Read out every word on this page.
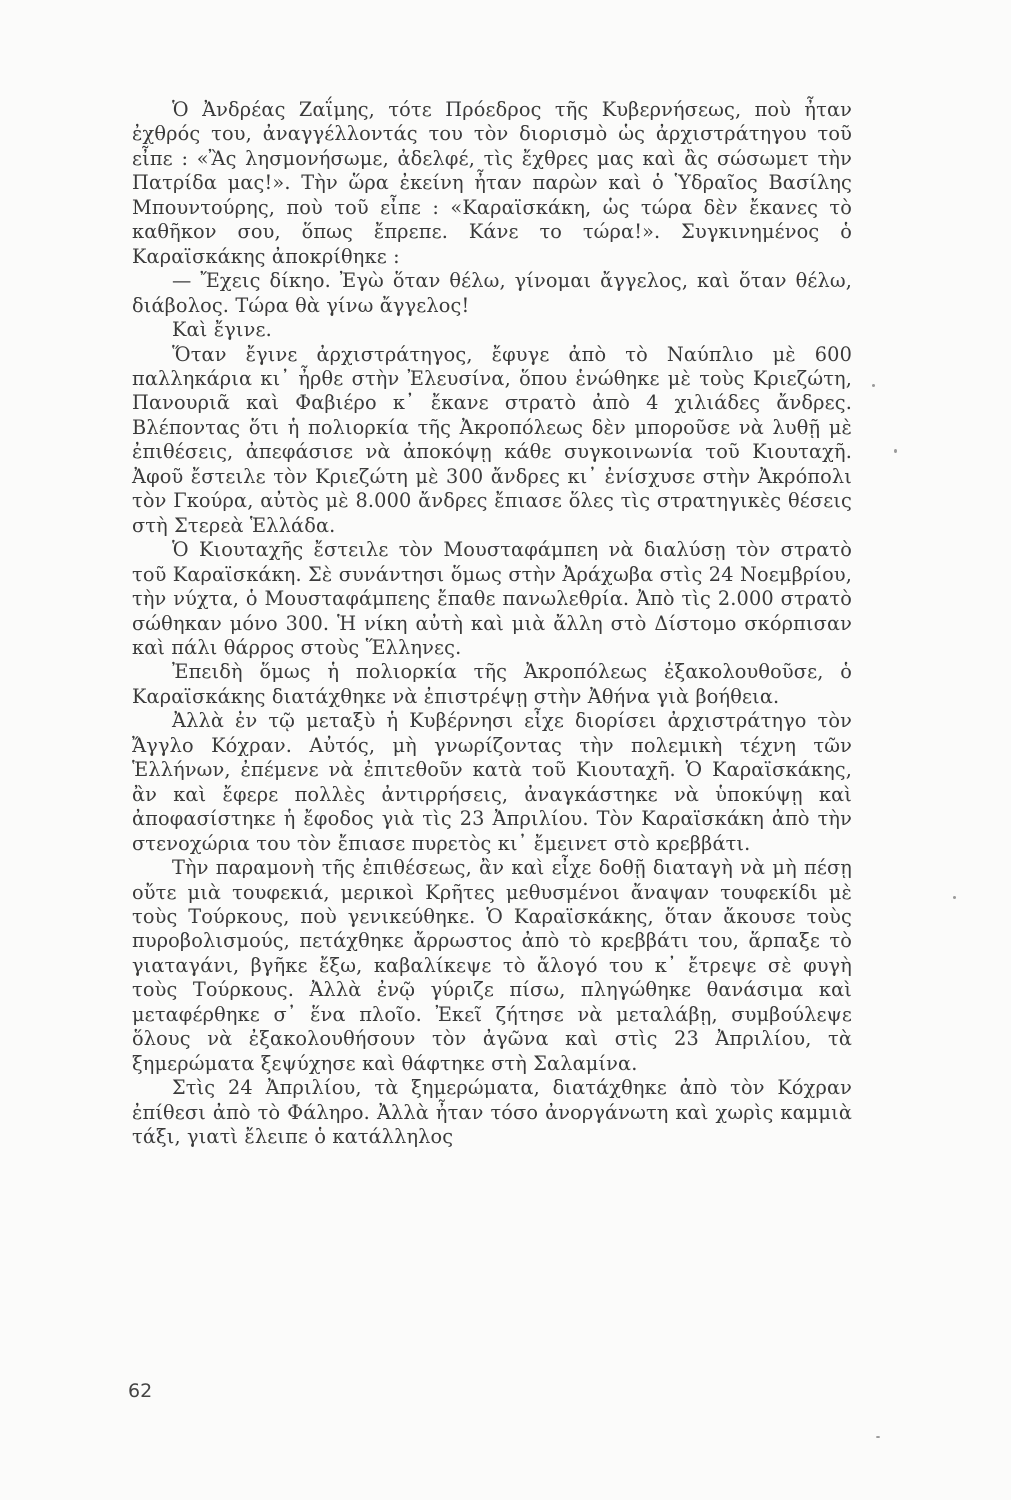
Ὁ Ἀνδρέας Ζαΐμης, τότε Πρόεδρος τῆς Κυβερνήσεως, ποὺ ἦταν ἐχθρός του, ἀναγγέλλοντάς του τὸν διορισμὸ ὡς ἀρχιστράτηγου τοῦ εἶπε : «Ἂς λησμονήσωμε, ἀδελφέ, τὶς ἔχθρες μας καὶ ἂς σώσωμετ τὴν Πατρίδα μας!». Τὴν ὥρα ἐκείνη ἦταν παρὼν καὶ ὁ Ὑδραῖος Βασίλης Μπουντούρης, ποὺ τοῦ εἶπε : «Καραϊσκάκη, ὡς τώρα δὲν ἔκανες τὸ καθῆκον σου, ὅπως ἔπρεπε. Κάνε το τώρα!». Συγκινημένος ὁ Καραϊσκάκης ἀποκρίθηκε :

— Ἔχεις δίκηο. Ἐγὼ ὅταν θέλω, γίνομαι ἄγγελος, καὶ ὅταν θέλω, διάβολος. Τώρα θὰ γίνω ἄγγελος!

Καὶ ἔγινε.

Ὅταν ἔγινε ἀρχιστράτηγος, ἔφυγε ἀπὸ τὸ Ναύπλιο μὲ 600 παλληκάρια κι᾿ ἦρθε στὴν Ἐλευσίνα, ὅπου ἑνώθηκε μὲ τοὺς Κριεζώτη, Πανουριᾶ καὶ Φαβιέρο κ᾿ ἔκανε στρατὸ ἀπὸ 4 χιλιάδες ἄνδρες. Βλέποντας ὅτι ἡ πολιορκία τῆς Ἀκροπόλεως δὲν μποροῦσε νὰ λυθῇ μὲ ἐπιθέσεις, ἀπεφάσισε νὰ ἀποκόψῃ κάθε συγκοινωνία τοῦ Κιουταχῆ. Ἀφοῦ ἔστειλε τὸν Κριεζώτη μὲ 300 ἄνδρες κι᾿ ἐνίσχυσε στὴν Ἀκρόπολι τὸν Γκούρα, αὐτὸς μὲ 8.000 ἄνδρες ἔπιασε ὅλες τὶς στρατηγικὲς θέσεις στὴ Στερεὰ Ἑλλάδα.

Ὁ Κιουταχῆς ἔστειλε τὸν Μουσταφάμπεη νὰ διαλύσῃ τὸν στρατὸ τοῦ Καραϊσκάκη. Σὲ συνάντησι ὅμως στὴν Ἀράχωβα στὶς 24 Νοεμβρίου, τὴν νύχτα, ὁ Μουσταφάμπεης ἔπαθε πανωλεθρία. Ἀπὸ τὶς 2.000 στρατὸ σώθηκαν μόνο 300. Ἡ νίκη αὐτὴ καὶ μιὰ ἄλλη στὸ Δίστομο σκόρπισαν καὶ πάλι θάρρος στοὺς Ἕλληνες.

Ἐπειδὴ ὅμως ἡ πολιορκία τῆς Ἀκροπόλεως ἐξακολουθοῦσε, ὁ Καραϊσκάκης διατάχθηκε νὰ ἐπιστρέψῃ στὴν Ἀθήνα γιὰ βοήθεια.

Ἀλλὰ ἐν τῷ μεταξὺ ἡ Κυβέρνησι εἶχε διορίσει ἀρχιστράτηγο τὸν Ἄγγλο Κόχραν. Αὐτός, μὴ γνωρίζοντας τὴν πολεμικὴ τέχνη τῶν Ἑλλήνων, ἐπέμενε νὰ ἐπιτεθοῦν κατὰ τοῦ Κιουταχῆ. Ὁ Καραϊσκάκης, ἂν καὶ ἔφερε πολλὲς ἀντιρρήσεις, ἀναγκάστηκε νὰ ὑποκύψῃ καὶ ἀποφασίστηκε ἡ ἔφοδος γιὰ τὶς 23 Ἀπριλίου. Τὸν Καραϊσκάκη ἀπὸ τὴν στενοχώρια του τὸν ἔπιασε πυρετὸς κι᾿ ἔμεινετ στὸ κρεββάτι.

Τὴν παραμονὴ τῆς ἐπιθέσεως, ἂν καὶ εἶχε δοθῇ διαταγὴ νὰ μὴ πέσῃ οὔτε μιὰ τουφεκιά, μερικοὶ Κρῆτες μεθυσμένοι ἄναψαν τουφεκίδι μὲ τοὺς Τούρκους, ποὺ γενικεύθηκε. Ὁ Καραϊσκάκης, ὅταν ἄκουσε τοὺς πυροβολισμούς, πετάχθηκε ἄρρωστος ἀπὸ τὸ κρεββάτι του, ἅρπαξε τὸ γιαταγάνι, βγῆκε ἔξω, καβαλίκεψε τὸ ἄλογό του κ᾿ ἔτρεψε σὲ φυγὴ τοὺς Τούρκους. Ἀλλὰ ἐνῷ γύριζε πίσω, πληγώθηκε θανάσιμα καὶ μεταφέρθηκε σ᾿ ἕνα πλοῖο. Ἐκεῖ ζήτησε νὰ μεταλάβῃ, συμβούλεψε ὅλους νὰ ἐξακολουθήσουν τὸν ἀγῶνα καὶ στὶς 23 Ἀπριλίου, τὰ ξημερώματα ξεψύχησε καὶ θάφτηκε στὴ Σαλαμίνα.

Στὶς 24 Ἀπριλίου, τὰ ξημερώματα, διατάχθηκε ἀπὸ τὸν Κόχραν ἐπίθεσι ἀπὸ τὸ Φάληρο. Ἀλλὰ ἦταν τόσο ἀνοργάνωτη καὶ χωρὶς καμμιὰ τάξι, γιατὶ ἔλειπε ὁ κατάλληλος

62
